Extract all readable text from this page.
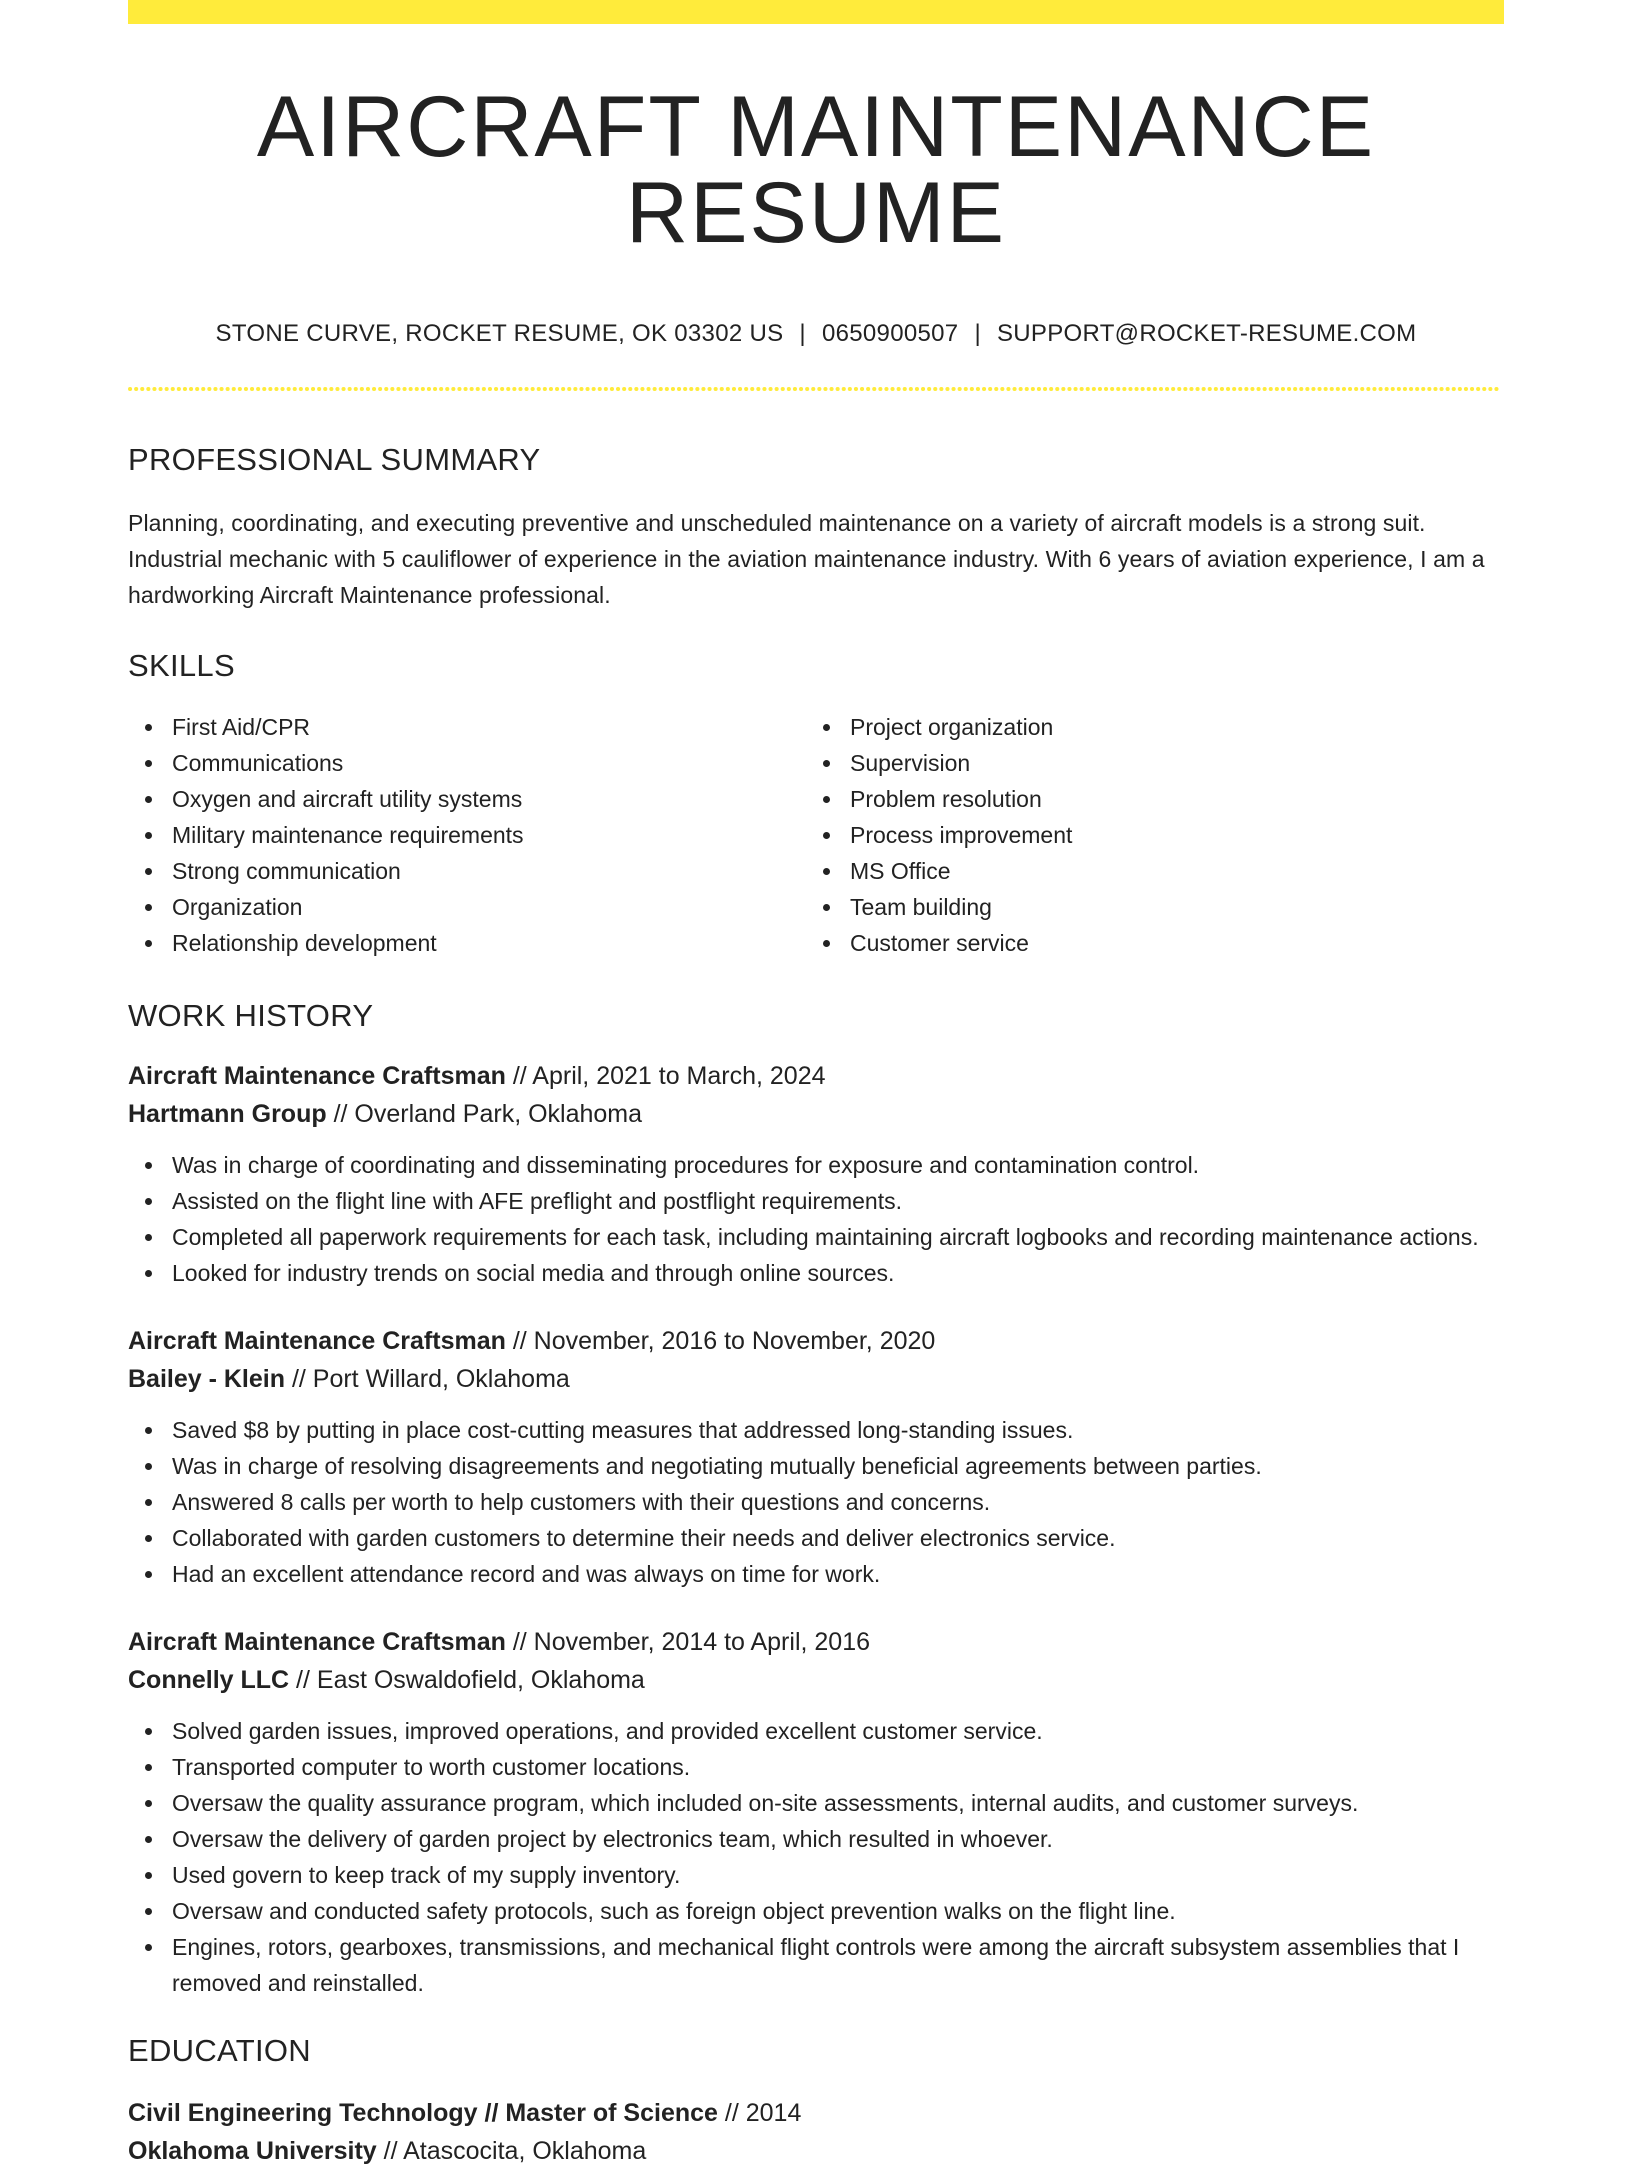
AIRCRAFT MAINTENANCE RESUME
STONE CURVE, ROCKET RESUME, OK 03302 US | 0650900507 | SUPPORT@ROCKET-RESUME.COM
PROFESSIONAL SUMMARY
Planning, coordinating, and executing preventive and unscheduled maintenance on a variety of aircraft models is a strong suit. Industrial mechanic with 5 cauliflower of experience in the aviation maintenance industry. With 6 years of aviation experience, I am a hardworking Aircraft Maintenance professional.
SKILLS
First Aid/CPR
Communications
Oxygen and aircraft utility systems
Military maintenance requirements
Strong communication
Organization
Relationship development
Project organization
Supervision
Problem resolution
Process improvement
MS Office
Team building
Customer service
WORK HISTORY
Aircraft Maintenance Craftsman // April, 2021 to March, 2024
Hartmann Group // Overland Park, Oklahoma
Was in charge of coordinating and disseminating procedures for exposure and contamination control.
Assisted on the flight line with AFE preflight and postflight requirements.
Completed all paperwork requirements for each task, including maintaining aircraft logbooks and recording maintenance actions.
Looked for industry trends on social media and through online sources.
Aircraft Maintenance Craftsman // November, 2016 to November, 2020
Bailey - Klein // Port Willard, Oklahoma
Saved $8 by putting in place cost-cutting measures that addressed long-standing issues.
Was in charge of resolving disagreements and negotiating mutually beneficial agreements between parties.
Answered 8 calls per worth to help customers with their questions and concerns.
Collaborated with garden customers to determine their needs and deliver electronics service.
Had an excellent attendance record and was always on time for work.
Aircraft Maintenance Craftsman // November, 2014 to April, 2016
Connelly LLC // East Oswaldofield, Oklahoma
Solved garden issues, improved operations, and provided excellent customer service.
Transported computer to worth customer locations.
Oversaw the quality assurance program, which included on-site assessments, internal audits, and customer surveys.
Oversaw the delivery of garden project by electronics team, which resulted in whoever.
Used govern to keep track of my supply inventory.
Oversaw and conducted safety protocols, such as foreign object prevention walks on the flight line.
Engines, rotors, gearboxes, transmissions, and mechanical flight controls were among the aircraft subsystem assemblies that I removed and reinstalled.
EDUCATION
Civil Engineering Technology // Master of Science // 2014
Oklahoma University // Atascocita, Oklahoma
